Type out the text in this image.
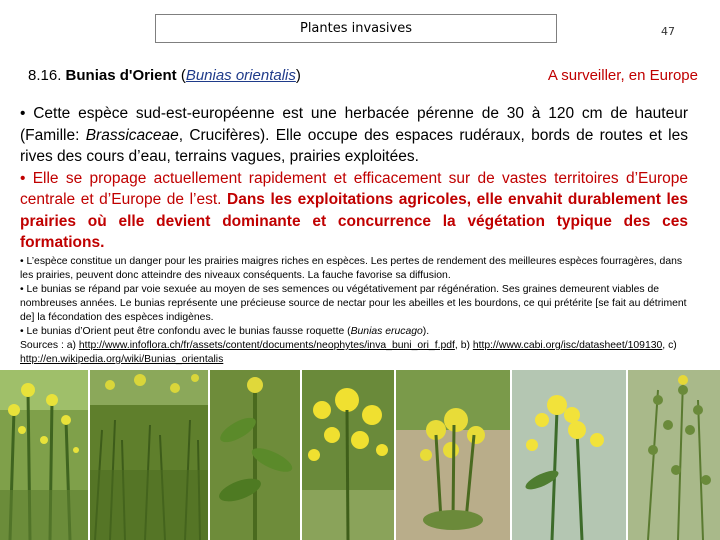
Plantes invasives	47
8.16. Bunias d'Orient (Bunias orientalis)	A surveiller, en Europe

• Cette espèce sud-est-européenne est une herbacée pérenne de 30 à 120 cm de hauteur (Famille: Brassicaceae, Crucifères). Elle occupe des espaces rudéraux, bords de routes et les rives des cours d’eau, terrains vagues, prairies exploitées.

• Elle se propage actuellement rapidement et efficacement sur de vastes territoires d’Europe centrale et d’Europe de l’est. Dans les exploitations agricoles, elle envahit durablement les prairies où elle devient dominante et concurrence la végétation typique des ces formations.

• L’espèce constitue un danger pour les prairies maigres riches en espèces. Les pertes de rendement des meilleures espèces fourragères, dans les prairies, peuvent donc atteindre des niveaux conséquents. La fauche favorise sa diffusion.

• Le bunias se répand par voie sexuée au moyen de ses semences ou végétativement par régénération. Ses graines demeurent viables de nombreuses années. Le bunias représente une précieuse source de nectar pour les abeilles et les bourdons, ce qui prétérite [se fait au détriment de] la fécondation des espèces indigènes.

• Le bunias d’Orient peut être confondu avec le bunias fausse roquette (Bunias erucago).

Sources : a) http://www.infoflora.ch/fr/assets/content/documents/neophytes/inva_buni_ori_f.pdf, b) http://www.cabi.org/isc/datasheet/109130, c) http://en.wikipedia.org/wiki/Bunias_orientalis
